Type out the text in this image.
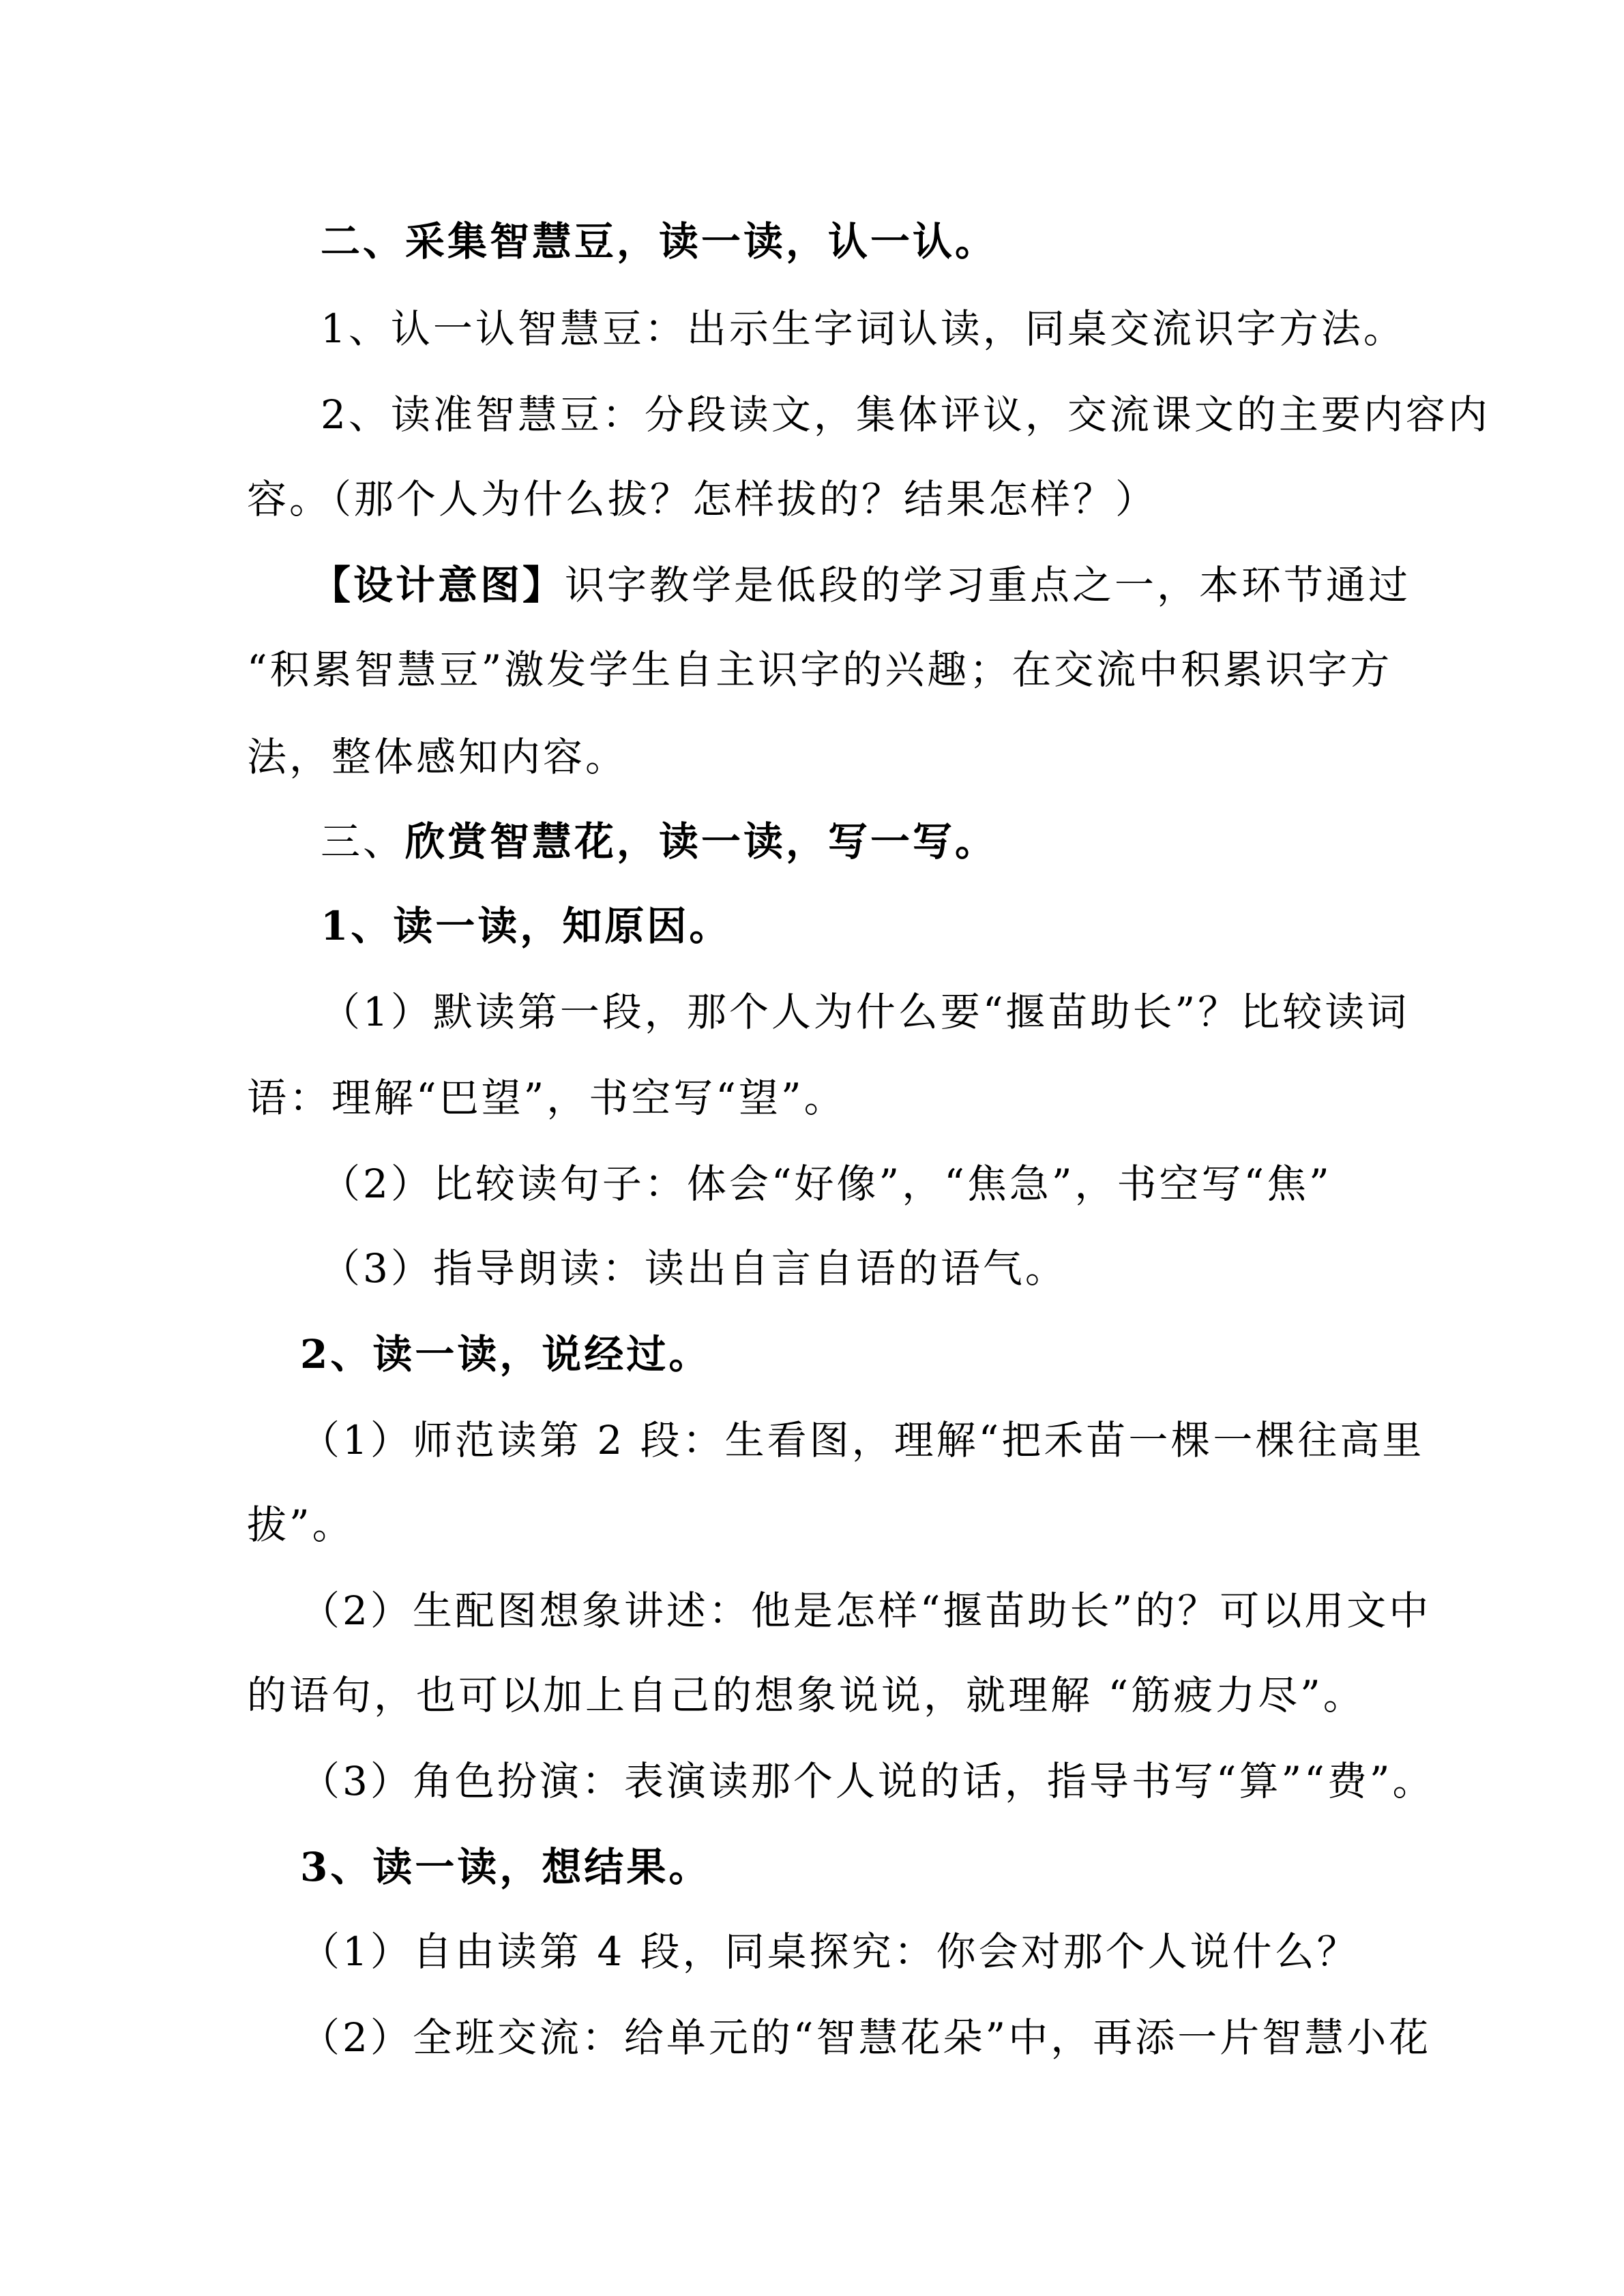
二、采集智慧豆，读一读，认一认。
1、认一认智慧豆：出示生字词认读，同桌交流识字方法。
2、读准智慧豆：分段读文，集体评议，交流课文的主要内容内
容。（那个人为什么拔？怎样拔的？结果怎样？）
【设计意图】识字教学是低段的学习重点之一，本环节通过
“积累智慧豆”激发学生自主识字的兴趣；在交流中积累识字方
法，整体感知内容。
三、欣赏智慧花，读一读，写一写。
1、读一读，知原因。
（1）默读第一段，那个人为什么要“揠苗助长”？比较读词
语：理解“巴望”，书空写“望”。
（2）比较读句子：体会“好像”，“焦急”，书空写“焦”
（3）指导朗读：读出自言自语的语气。
2、读一读，说经过。
（1）师范读第 2 段：生看图，理解“把禾苗一棵一棵往高里
拔”。
（2）生配图想象讲述：他是怎样“揠苗助长”的？可以用文中
的语句，也可以加上自己的想象说说，就理解 “筋疲力尽”。
（3）角色扮演：表演读那个人说的话，指导书写“算”“费”。
3、读一读，想结果。
（1）自由读第 4 段，同桌探究：你会对那个人说什么？
（2）全班交流：给单元的“智慧花朵”中，再添一片智慧小花
